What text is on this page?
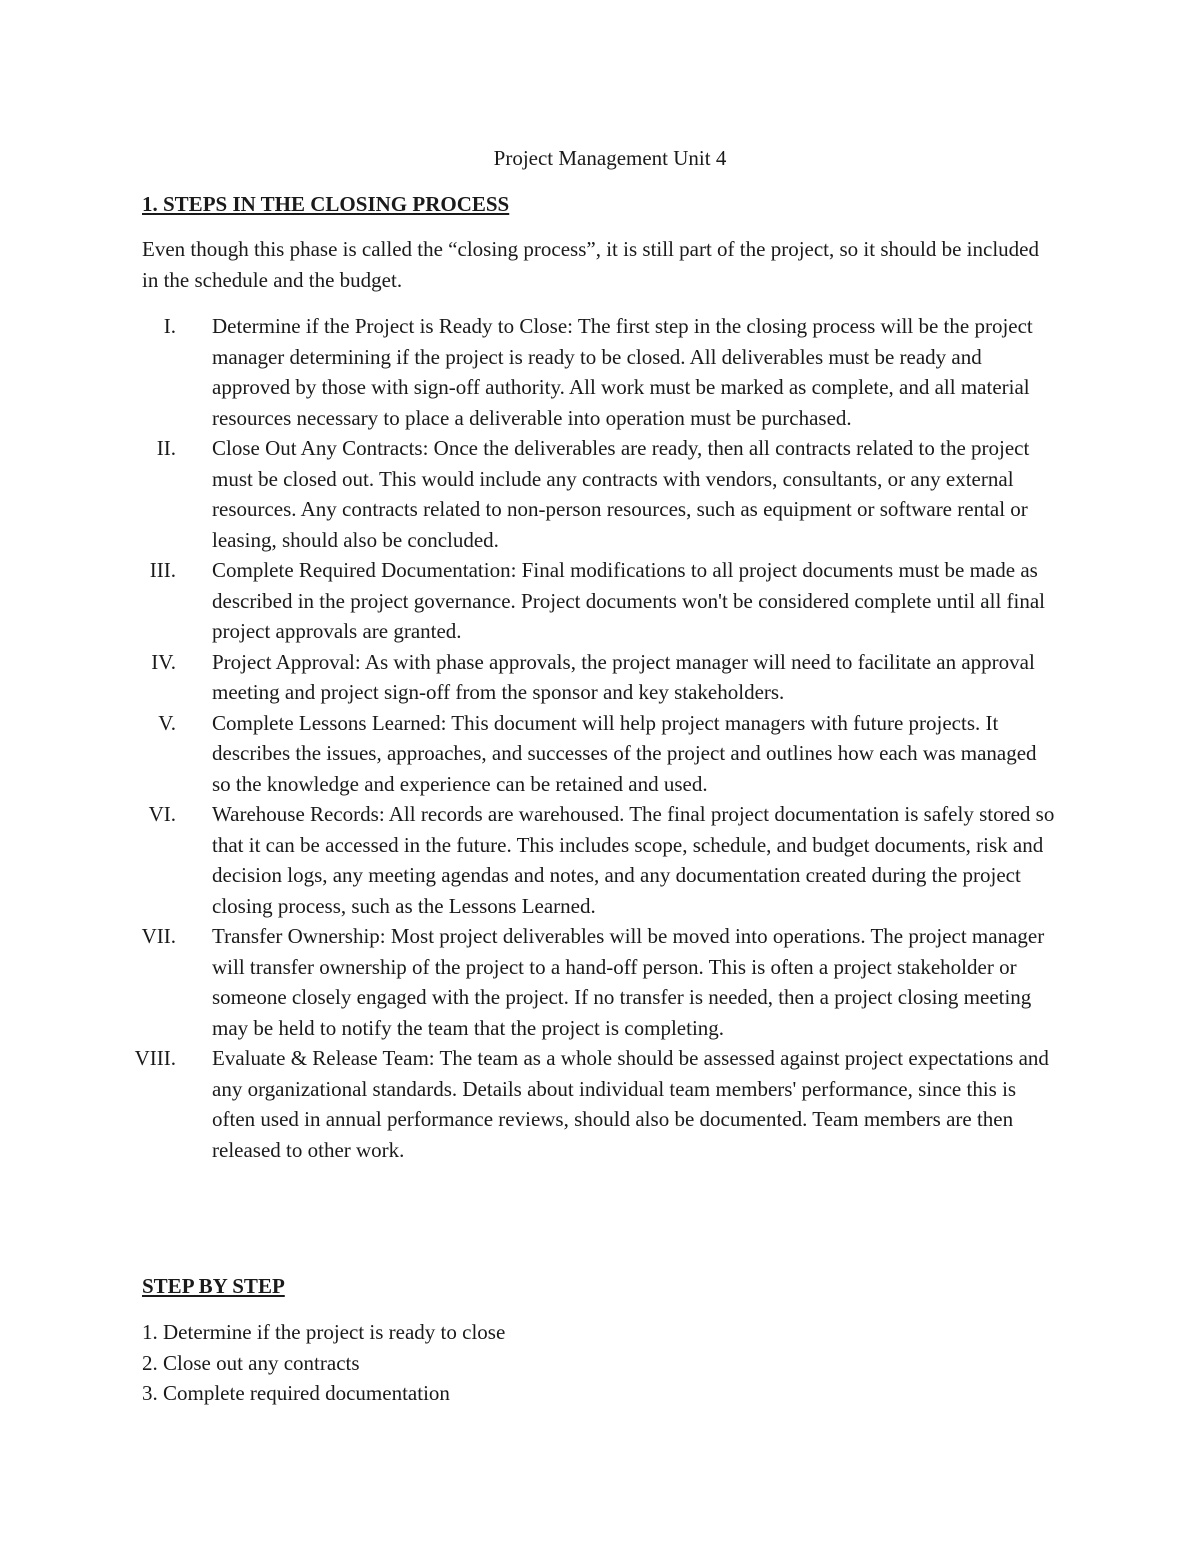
Project Management Unit 4
1. STEPS IN THE CLOSING PROCESS
Even though this phase is called the “closing process”, it is still part of the project, so it should be included in the schedule and the budget.
I.	Determine if the Project is Ready to Close: The first step in the closing process will be the project manager determining if the project is ready to be closed. All deliverables must be ready and approved by those with sign-off authority. All work must be marked as complete, and all material resources necessary to place a deliverable into operation must be purchased.
II.	Close Out Any Contracts: Once the deliverables are ready, then all contracts related to the project must be closed out. This would include any contracts with vendors, consultants, or any external resources. Any contracts related to non-person resources, such as equipment or software rental or leasing, should also be concluded.
III.	Complete Required Documentation: Final modifications to all project documents must be made as described in the project governance. Project documents won't be considered complete until all final project approvals are granted.
IV.	Project Approval: As with phase approvals, the project manager will need to facilitate an approval meeting and project sign-off from the sponsor and key stakeholders.
V.	Complete Lessons Learned: This document will help project managers with future projects. It describes the issues, approaches, and successes of the project and outlines how each was managed so the knowledge and experience can be retained and used.
VI.	Warehouse Records: All records are warehoused. The final project documentation is safely stored so that it can be accessed in the future. This includes scope, schedule, and budget documents, risk and decision logs, any meeting agendas and notes, and any documentation created during the project closing process, such as the Lessons Learned.
VII.	Transfer Ownership: Most project deliverables will be moved into operations. The project manager will transfer ownership of the project to a hand-off person. This is often a project stakeholder or someone closely engaged with the project. If no transfer is needed, then a project closing meeting may be held to notify the team that the project is completing.
VIII.	Evaluate & Release Team: The team as a whole should be assessed against project expectations and any organizational standards. Details about individual team members' performance, since this is often used in annual performance reviews, should also be documented. Team members are then released to other work.
STEP BY STEP
1. Determine if the project is ready to close
2. Close out any contracts
3. Complete required documentation
